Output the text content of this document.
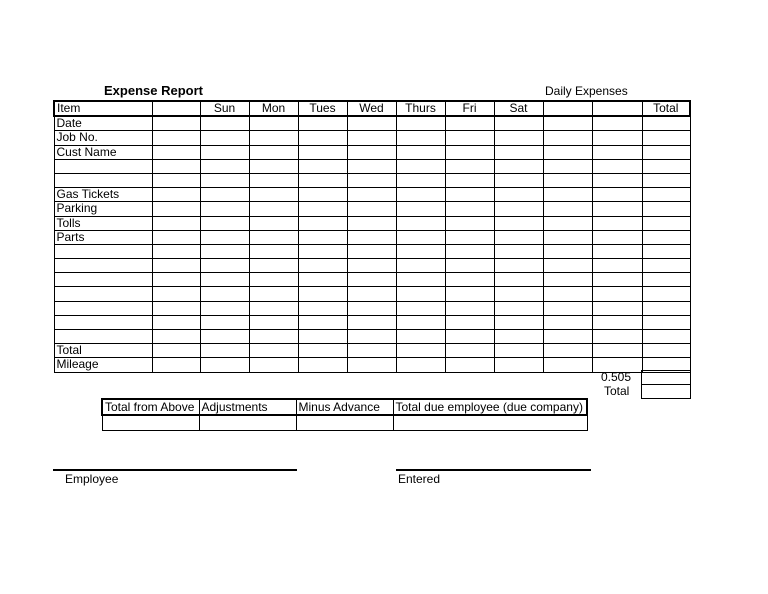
Expense Report	Daily Expenses
Item		Sun	Mon	Tues	Wed	Thurs	Fri	Sat			Total
Date											
Job No.											
Cust Name											

Gas Tickets											
Parking											
Tolls											
Parts											

Total											
Mileage											
0.505
Total
Total from Above	Adjustments	Minus Advance	Total due employee (due company)

Employee	Entered
